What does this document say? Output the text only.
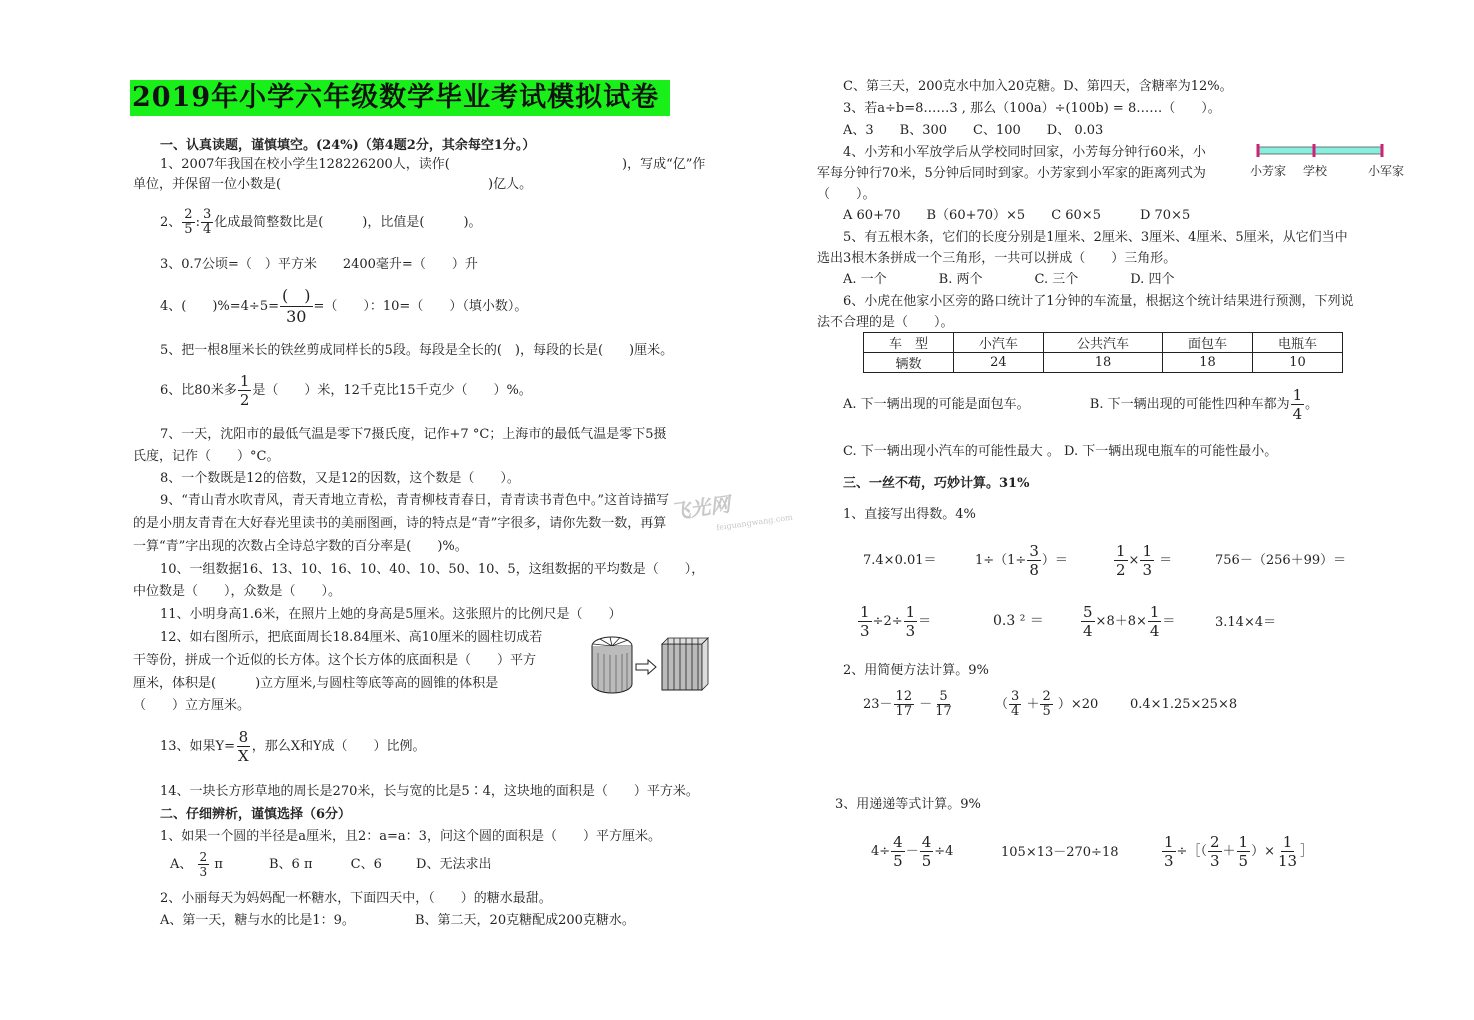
2019年小学六年级数学毕业考试模拟试卷
一、认真读题，谨慎填空。(24%)（第4题2分，其余每空1分。）
1、2007年我国在校小学生128226200人，读作(	)，写成“亿”作
单位，并保留一位小数是(	)亿人。
2、 $\frac{2}{5}$ : $\frac{3}{4}$ 化成最简整数比是(　　　)，比值是(　　　)。
3、0.7公顷=（　）平方米　　2400毫升=（　　）升
4、(　　)$\%=4\div 5= \frac{( )}{30}$ =（　　）：10=（　　）（填小数）。
5、把一根8厘米长的铁丝剪成同样长的5段。每段是全长的(　)，每段的长是(　　)厘米。
6、比80米多 $\frac{1}{2}$ 是（　　）米，12千克比15千克少（　　）%。
7、一天，沈阳市的最低气温是零下7摄氏度，记作+7 °C；上海市的最低气温是零下5摄
氏度，记作（　　）°C。
8、一个数既是12的倍数，又是12的因数，这个数是（　　）。
9、“青山青水吹青风，青天青地立青松，青青柳枝青春日，青青读书青色中。”这首诗描写
的是小朋友青青在大好春光里读书的美丽图画，诗的特点是“青”字很多，请你先数一数，再算
一算“青”字出现的次数占全诗总字数的百分率是(　　)%。
10、一组数据16、13、10、16、10、40、10、50、10、5，这组数据的平均数是（　　），
中位数是（　　），众数是（　　）。
11、小明身高1.6米，在照片上她的身高是5厘米。这张照片的比例尺是（　　）
12、如右图所示，把底面周长18.84厘米、高10厘米的圆柱切成若
干等份，拼成一个近似的长方体。这个长方体的底面积是（　　）平方
厘米，体积是(　　　)立方厘米,与圆柱等底等高的圆锥的体积是
（　　）立方厘米。
13、如果$Y= \frac{8}{X}$ ，那么X和Y成（　　）比例。
14、一块长方形草地的周长是270米，长与宽的比是5∶4，这块地的面积是（　　）平方米。
二、仔细辨析，谨慎选择（6分）
1、如果一个圆的半径是a厘米，且2：a=a：3，问这个圆的面积是（　　）平方厘米。
A、 $\frac{2}{3}$ π	B、6 π	C、6	D、无法求出
2、小丽每天为妈妈配一杯糖水，下面四天中，（　　）的糖水最甜。
A、第一天，糖与水的比是1：9。	B、第二天，20克糖配成200克糖水。
飞光网
feiguangwang.com
C、第三天，200克水中加入20克糖。D、第四天，含糖率为12%。
3、若a÷b=8……3 , 那么（100a）÷(100b) = 8……（　　）。
A、3　　B、300　　C、100　　D、 0.03
4、小芳和小军放学后从学校同时回家，小芳每分钟行60米，小
军每分钟行70米，5分钟后同时到家。小芳家到小军家的距离列式为
（　　）。
小芳家 学校	小军家
A 60+70　　B（60+70）×5　　C 60×5　　　D 70×5
5、有五根木条，它们的长度分别是1厘米、2厘米、3厘米、4厘米、5厘米，从它们当中
选出3根木条拼成一个三角形，一共可以拼成（　　）三角形。
A. 一个　　　　B. 两个　　　　C. 三个　　　　D. 四个
6、小虎在他家小区旁的路口统计了1分钟的车流量，根据这个统计结果进行预测，下列说
法不合理的是（　　）。
车　型	小汽车	公共汽车	面包车	电瓶车
辆数	24	18	18	10
A. 下一辆出现的可能是面包车。	B. 下一辆出现的可能性四种车都为 $\frac{1}{4}$ 。
C. 下一辆出现小汽车的可能性最大 。 D. 下一辆出现电瓶车的可能性最小。
三、一丝不苟，巧妙计算。31%
1、直接写出得数。4%
7.4×0.01＝	$1\div(1\div \frac{3}{8}$ ）＝	$\frac{1}{2} \times \frac{1}{3}$ ＝	756－（256＋99）＝
$\frac{1}{3} \div 2\div \frac{1}{3}$ ＝	0.3 $^2 = \frac{5}{4} \times 8+8\times \frac{1}{4}$ ＝	3.14×4＝
2、用简便方法计算。9%
$23- \frac{12}{17} - \frac{5}{17}$	（ $\frac{3}{4} + \frac{2}{5} )\times 20$ 0.4×1.25×25×8
3、用递递等式计算。9%
$4\div \frac{4}{5} - \frac{4}{5} \div 4$	105×13－270÷18	$\frac{1}{3}$ ÷［（ $\frac{2}{3} + \frac{1}{5}$ ）× $\frac{1}{13}$ ］
